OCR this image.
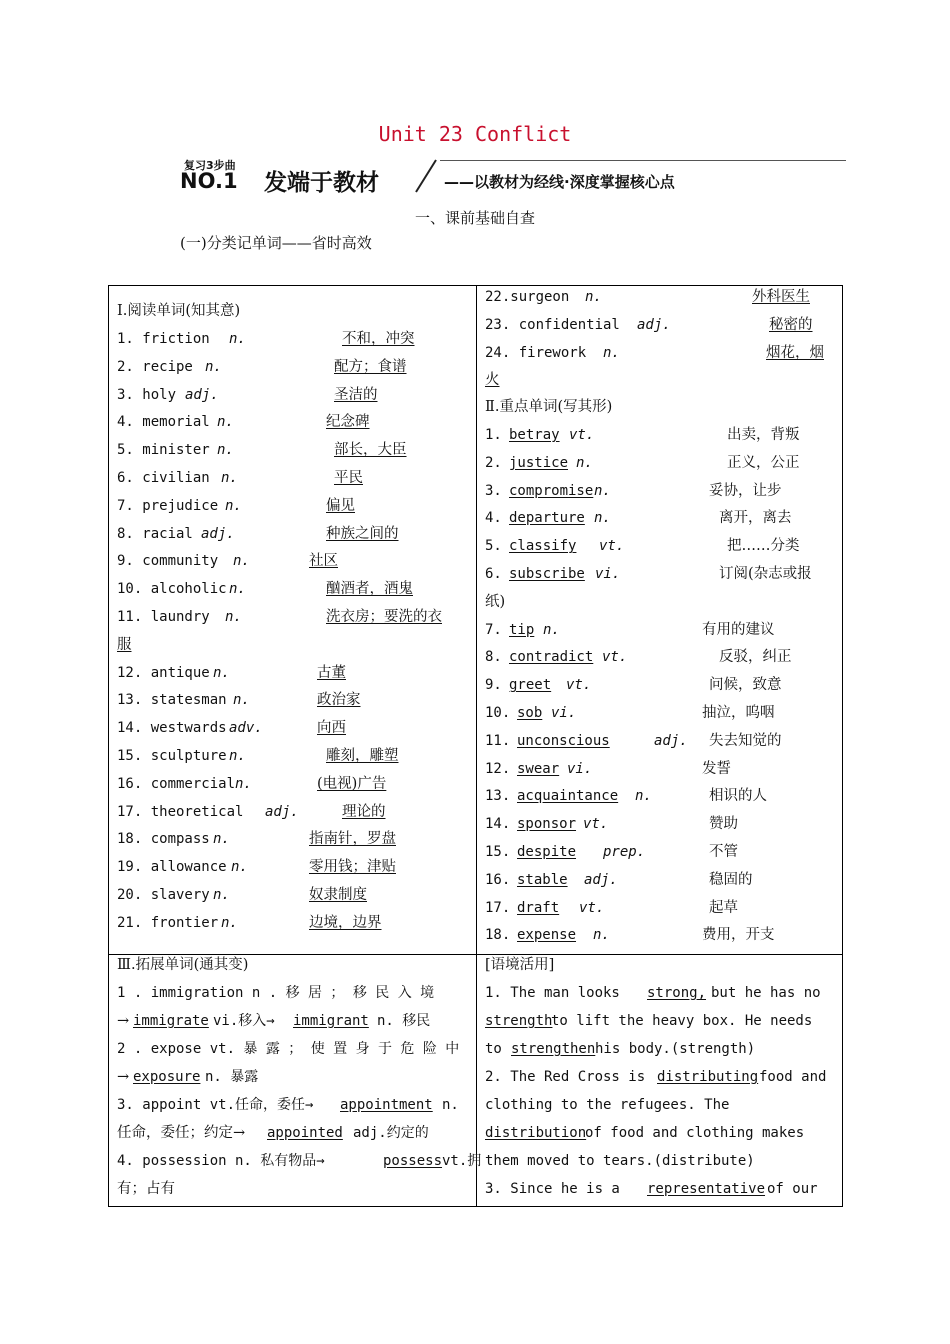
Unit 23 Conflict
复习3步曲
NO.1 发端于教材	——以教材为经线·深度掌握核心点
一、课前基础自查
(一)分类记单词——省时高效
Ⅰ.阅读单词(知其意)
1. friction n.	不和，冲突
2. recipe n.	配方；食谱
3. holy adj.	圣洁的
4. memorial n.	纪念碑
5. minister n.	部长，大臣
6. civilian n.	平民
7. prejudice n.	偏见
8. racial adj.	种族之间的
9. community n.	社区
10. alcoholic n.	酗酒者，酒鬼
11. laundry n.	洗衣房；要洗的衣
服
12. antique n.	古董
13. statesman n.	政治家
14. westwards adv.	向西
15. sculpture n.	雕刻，雕塑
16. commercial n.	(电视)广告
17. theoretical adj.	理论的
18. compass n.	指南针，罗盘
19. allowance n.	零用钱；津贴
20. slavery n.	奴隶制度
21. frontier n.	边境，边界
22.surgeon n.	外科医生
23. confidential adj.	秘密的
24. firework n.	烟花，烟
火
Ⅱ.重点单词(写其形)
1. betray vt.	出卖，背叛
2. justice n.	正义，公正
3. compromise n.	妥协，让步
4. departure n.	离开，离去
5. classify vt.	把……分类
6. subscribe vi.	订阅(杂志或报
纸)
7. tip n.	有用的建议
8. contradict vt.	反驳，纠正
9. greet vt.	问候，致意
10. sob vi.	抽泣，呜咽
11. unconscious	adj. 失去知觉的
12. swear vi.	发誓
13. acquaintance n.	相识的人
14. sponsor vt.	赞助
15. despite prep.	不管
16. stable adj.	稳固的
17. draft vt.	起草
18. expense n.	费用，开支
Ⅲ.拓展单词(通其变)
1 . immigration n . 移 居 ； 移 民 入 境
→ immigrate vi.移入→ immigrant n. 移民
2 . expose vt. 暴 露 ； 使 置 身 于 危 险 中
→ exposure n. 暴露
3. appoint vt.任命，委任→ appointment n.
任命，委任；约定→ appointed adj.约定的
4. possession n. 私有物品→	possess vt.拥
有；占有
[语境活用]
1. The man looks strong, but he has no
strength
to lift the heavy box. He needs
to strengthen his body.(strength)
2. The Red Cross is distributing food and
clothing to the refugees. The
distribution
of food and clothing makes
them moved to tears.(distribute)
3. Since he is a representative of our
